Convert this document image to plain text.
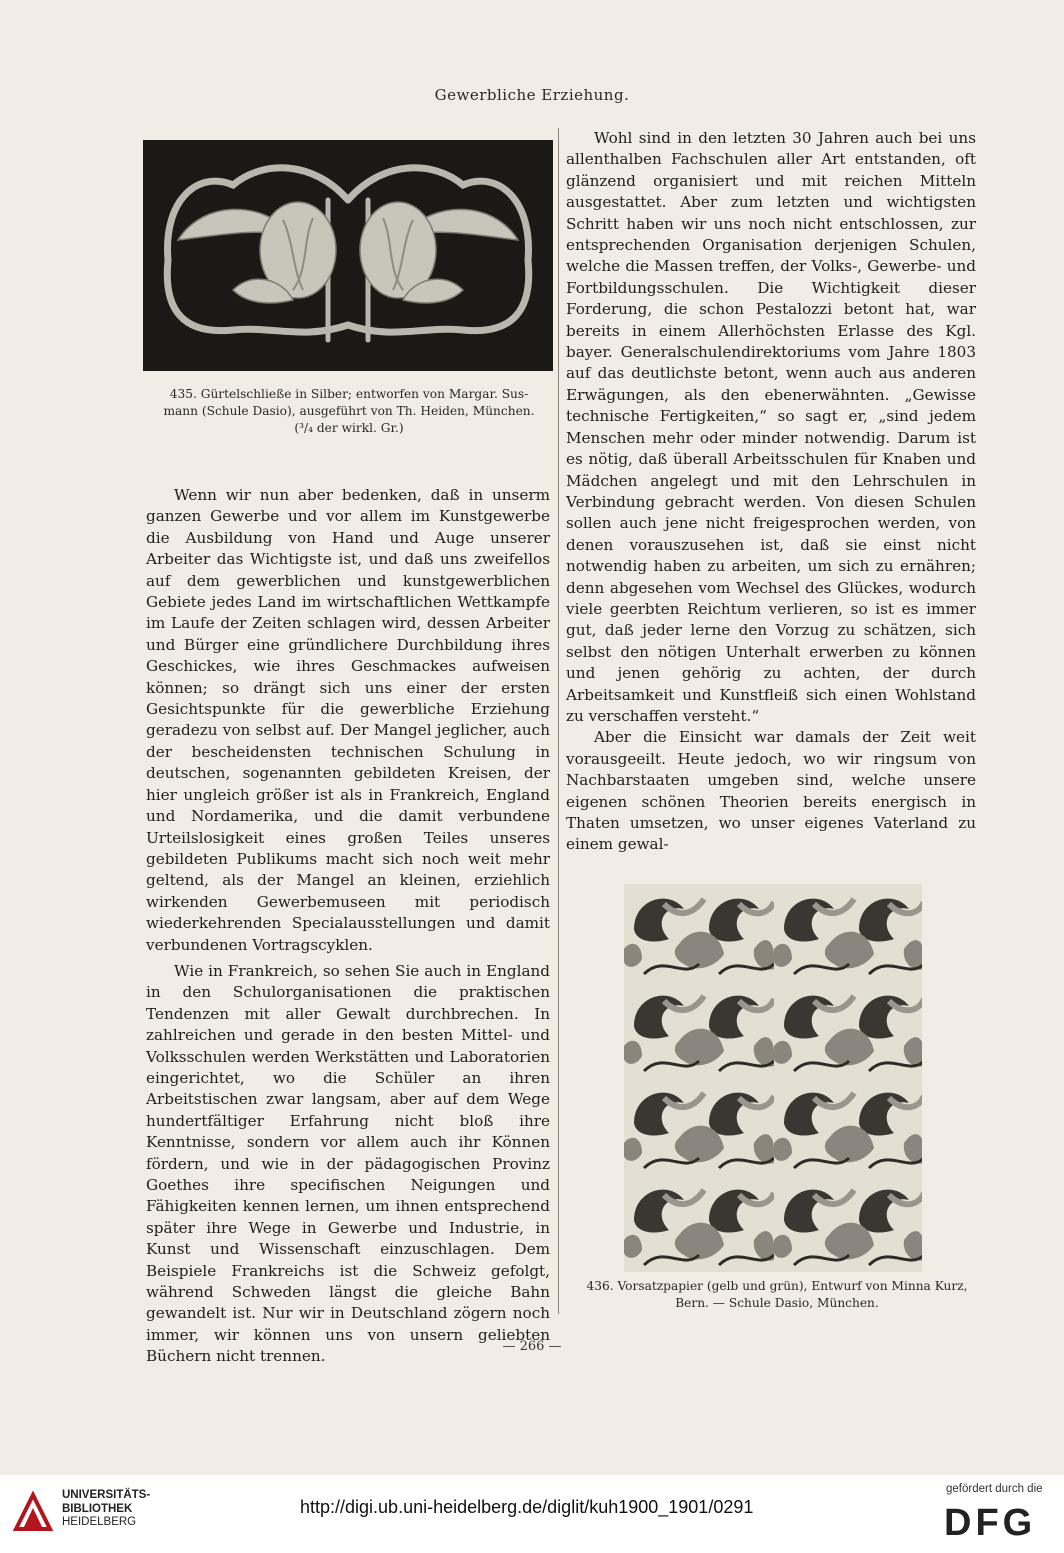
Gewerbliche Erziehung.
435. Gürtelschließe in Silber; entworfen von Margar. Sus-
mann (Schule Dasio), ausgeführt von Th. Heiden, München.
(³/₄ der wirkl. Gr.)

Wenn wir nun aber bedenken, daß in unserm ganzen Gewerbe und vor allem im Kunstgewerbe die Ausbildung von Hand und Auge unserer Arbeiter das Wichtigste ist, und daß uns zweifellos auf dem gewerblichen und kunstgewerblichen Gebiete jedes Land im wirtschaftlichen Wettkampfe im Laufe der Zeiten schlagen wird, dessen Arbeiter und Bürger eine gründlichere Durchbildung ihres Geschickes, wie ihres Geschmackes aufweisen können; so drängt sich uns einer der ersten Gesichtspunkte für die gewerbliche Erziehung geradezu von selbst auf. Der Mangel jeglicher, auch der bescheidensten technischen Schulung in deutschen, sogenannten gebildeten Kreisen, der hier ungleich größer ist als in Frankreich, England und Nordamerika, und die damit verbundene Urteilslosigkeit eines großen Teiles unseres gebildeten Publikums macht sich noch weit mehr geltend, als der Mangel an kleinen, erziehlich wirkenden Gewerbemuseen mit periodisch wiederkehrenden Specialausstellungen und damit verbundenen Vortragscyklen.

Wie in Frankreich, so sehen Sie auch in England in den Schulorganisationen die praktischen Tendenzen mit aller Gewalt durchbrechen. In zahlreichen und gerade in den besten Mittel- und Volksschulen werden Werkstätten und Laboratorien eingerichtet, wo die Schüler an ihren Arbeitstischen zwar langsam, aber auf dem Wege hundertfältiger Erfahrung nicht bloß ihre Kenntnisse, sondern vor allem auch ihr Können fördern, und wie in der pädagogischen Provinz Goethes ihre specifischen Neigungen und Fähigkeiten kennen lernen, um ihnen entsprechend später ihre Wege in Gewerbe und Industrie, in Kunst und Wissenschaft einzuschlagen. Dem Beispiele Frankreichs ist die Schweiz gefolgt, während Schweden längst die gleiche Bahn gewandelt ist. Nur wir in Deutschland zögern noch immer, wir können uns von unsern geliebten Büchern nicht trennen.

Wohl sind in den letzten 30 Jahren auch bei uns allenthalben Fachschulen aller Art entstanden, oft glänzend organisiert und mit reichen Mitteln ausgestattet. Aber zum letzten und wichtigsten Schritt haben wir uns noch nicht entschlossen, zur entsprechenden Organisation derjenigen Schulen, welche die Massen treffen, der Volks-, Gewerbe- und Fortbildungsschulen. Die Wichtigkeit dieser Forderung, die schon Pestalozzi betont hat, war bereits in einem Allerhöchsten Erlasse des Kgl. bayer. Generalschulendirektoriums vom Jahre 1803 auf das deutlichste betont, wenn auch aus anderen Erwägungen, als den ebenerwähnten. „Gewisse technische Fertigkeiten,“ so sagt er, „sind jedem Menschen mehr oder minder notwendig. Darum ist es nötig, daß überall Arbeitsschulen für Knaben und Mädchen angelegt und mit den Lehrschulen in Verbindung gebracht werden. Von diesen Schulen sollen auch jene nicht freigesprochen werden, von denen vorauszusehen ist, daß sie einst nicht notwendig haben zu arbeiten, um sich zu ernähren; denn abgesehen vom Wechsel des Glückes, wodurch viele geerbten Reichtum verlieren, so ist es immer gut, daß jeder lerne den Vorzug zu schätzen, sich selbst den nötigen Unterhalt erwerben zu können und jenen gehörig zu achten, der durch Arbeitsamkeit und Kunstfleiß sich einen Wohlstand zu verschaffen versteht.“

Aber die Einsicht war damals der Zeit weit vorausgeeilt. Heute jedoch, wo wir ringsum von Nachbarstaaten umgeben sind, welche unsere eigenen schönen Theorien bereits energisch in Thaten umsetzen, wo unser eigenes Vaterland zu einem gewal-

436. Vorsatzpapier (gelb und grün), Entwurf von Minna Kurz,
Bern. — Schule Dasio, München.
— 266 —
UNIVERSITÄTS-
BIBLIOTHEK
HEIDELBERG
http://digi.ub.uni-heidelberg.de/diglit/kuh1900_1901/0291
gefördert durch die
DFG
